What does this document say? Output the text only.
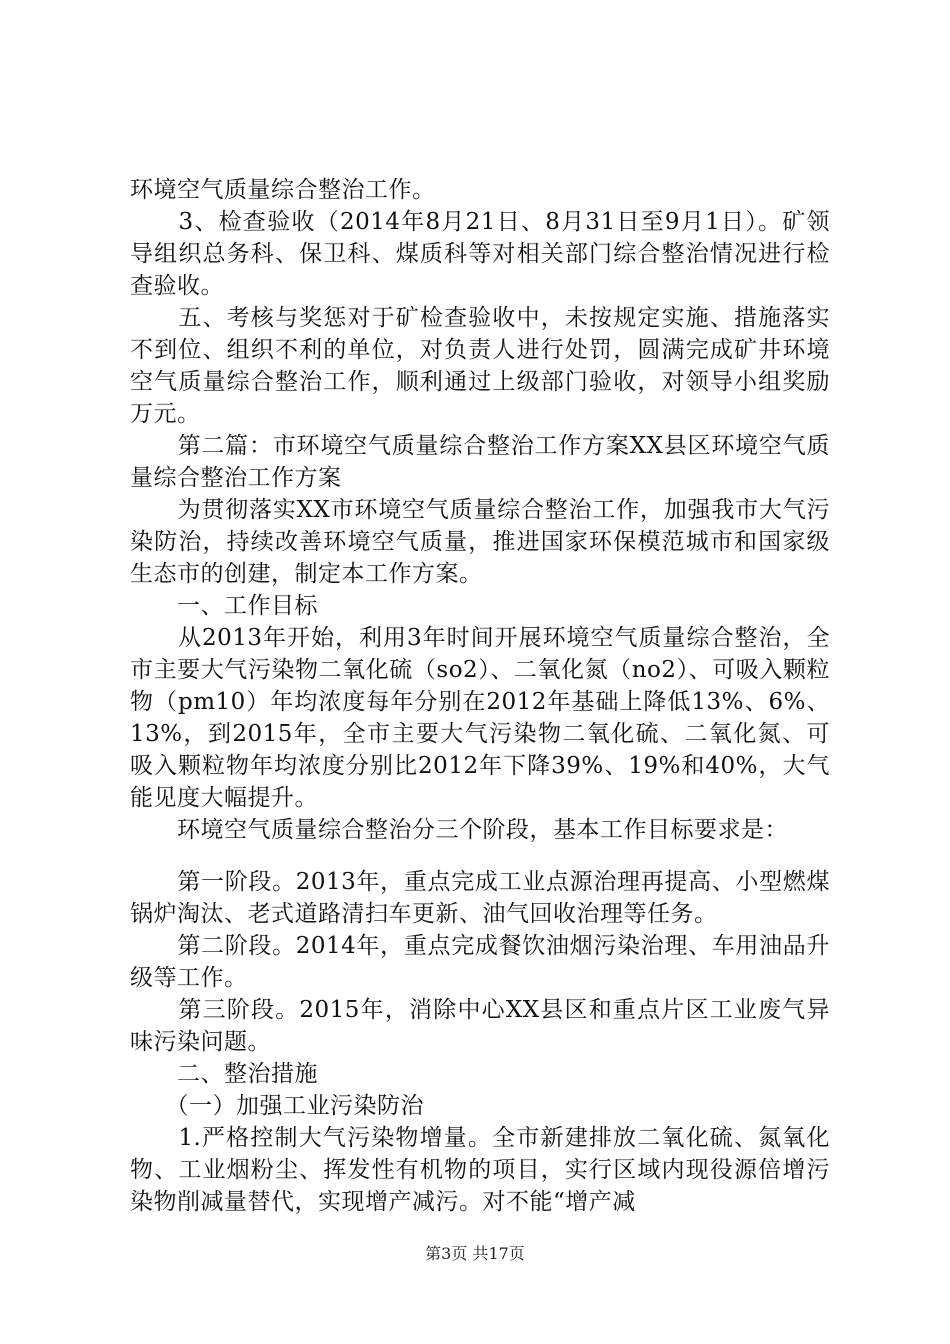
环境空气质量综合整治工作。

　　3、检查验收（2014年8月21日、8月31日至9月1日）。矿领导组织总务科、保卫科、煤质科等对相关部门综合整治情况进行检查验收。

　　五、考核与奖惩对于矿检查验收中，未按规定实施、措施落实不到位、组织不利的单位，对负责人进行处罚，圆满完成矿井环境空气质量综合整治工作，顺利通过上级部门验收，对领导小组奖励万元。

　　第二篇：市环境空气质量综合整治工作方案XX县区环境空气质量综合整治工作方案

　　为贯彻落实XX市环境空气质量综合整治工作，加强我市大气污染防治，持续改善环境空气质量，推进国家环保模范城市和国家级生态市的创建，制定本工作方案。

　　一、工作目标

　　从2013年开始，利用3年时间开展环境空气质量综合整治，全市主要大气污染物二氧化硫（so2）、二氧化氮（no2）、可吸入颗粒物（pm10）年均浓度每年分别在2012年基础上降低13%、6%、13%，到2015年，全市主要大气污染物二氧化硫、二氧化氮、可吸入颗粒物年均浓度分别比2012年下降39%、19%和40%，大气能见度大幅提升。

　　环境空气质量综合整治分三个阶段，基本工作目标要求是：

　　第一阶段。2013年，重点完成工业点源治理再提高、小型燃煤锅炉淘汰、老式道路清扫车更新、油气回收治理等任务。

　　第二阶段。2014年，重点完成餐饮油烟污染治理、车用油品升级等工作。

　　第三阶段。2015年，消除中心XX县区和重点片区工业废气异味污染问题。

　　二、整治措施

　　（一）加强工业污染防治

　　1.严格控制大气污染物增量。全市新建排放二氧化硫、氮氧化物、工业烟粉尘、挥发性有机物的项目，实行区域内现役源倍增污染物削减量替代，实现增产减污。对不能“增产减

第3页 共17页
